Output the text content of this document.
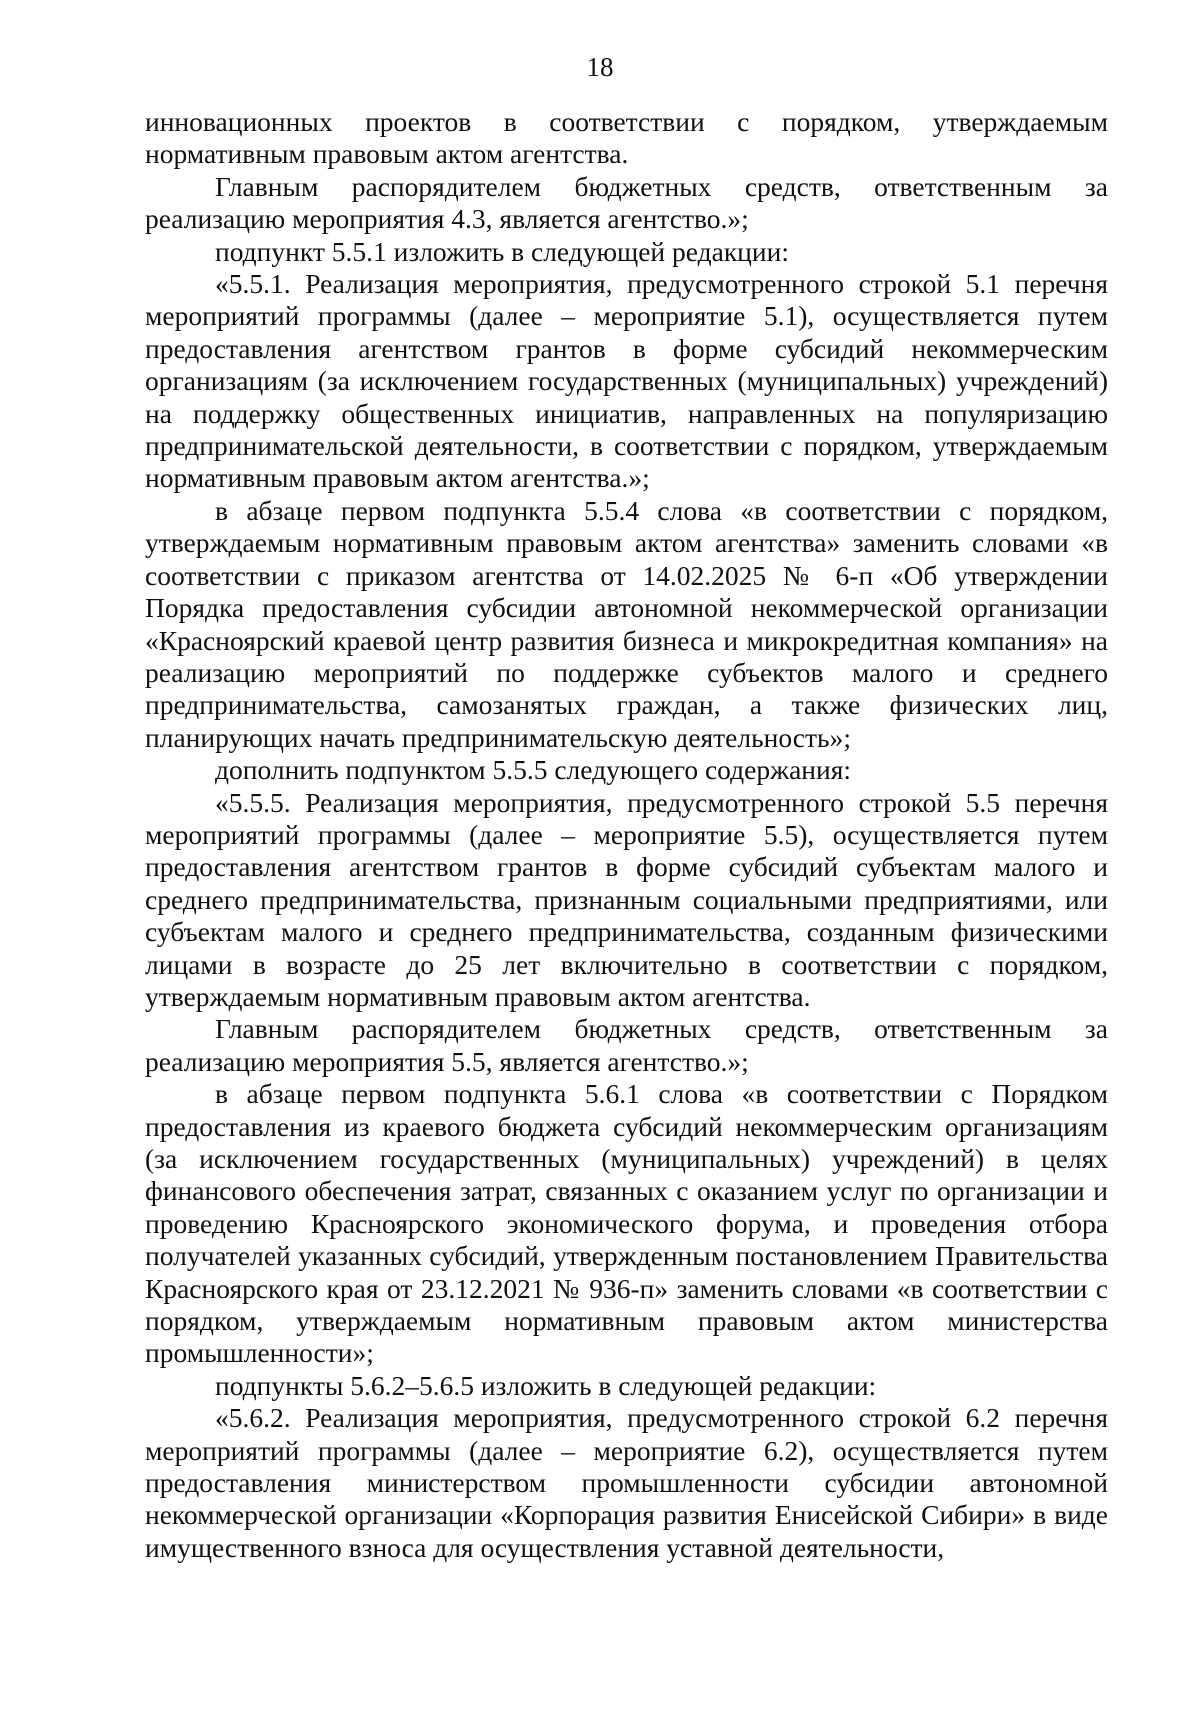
18

инновационных проектов в соответствии с порядком, утверждаемым нормативным правовым актом агентства.

Главным распорядителем бюджетных средств, ответственным за реализацию мероприятия 4.3, является агентство.»;

подпункт 5.5.1 изложить в следующей редакции:

«5.5.1. Реализация мероприятия, предусмотренного строкой 5.1 перечня мероприятий программы (далее – мероприятие 5.1), осуществляется путем предоставления агентством грантов в форме субсидий некоммерческим организациям (за исключением государственных (муниципальных) учреждений) на поддержку общественных инициатив, направленных на популяризацию предпринимательской деятельности, в соответствии с порядком, утверждаемым нормативным правовым актом агентства.»;

в абзаце первом подпункта 5.5.4 слова «в соответствии с порядком, утверждаемым нормативным правовым актом агентства» заменить словами «в соответствии с приказом агентства от 14.02.2025 № 6-п «Об утверждении Порядка предоставления субсидии автономной некоммерческой организации «Красноярский краевой центр развития бизнеса и микрокредитная компания» на реализацию мероприятий по поддержке субъектов малого и среднего предпринимательства, самозанятых граждан, а также физических лиц, планирующих начать предпринимательскую деятельность»;

дополнить подпунктом 5.5.5 следующего содержания:

«5.5.5. Реализация мероприятия, предусмотренного строкой 5.5 перечня мероприятий программы (далее – мероприятие 5.5), осуществляется путем предоставления агентством грантов в форме субсидий субъектам малого и среднего предпринимательства, признанным социальными предприятиями, или субъектам малого и среднего предпринимательства, созданным физическими лицами в возрасте до 25 лет включительно в соответствии с порядком, утверждаемым нормативным правовым актом агентства.

Главным распорядителем бюджетных средств, ответственным за реализацию мероприятия 5.5, является агентство.»;

в абзаце первом подпункта 5.6.1 слова «в соответствии с Порядком предоставления из краевого бюджета субсидий некоммерческим организациям (за исключением государственных (муниципальных) учреждений) в целях финансового обеспечения затрат, связанных с оказанием услуг по организации и проведению Красноярского экономического форума, и проведения отбора получателей указанных субсидий, утвержденным постановлением Правительства Красноярского края от 23.12.2021 № 936-п» заменить словами «в соответствии с порядком, утверждаемым нормативным правовым актом министерства промышленности»;

подпункты 5.6.2–5.6.5 изложить в следующей редакции:

«5.6.2. Реализация мероприятия, предусмотренного строкой 6.2 перечня мероприятий программы (далее – мероприятие 6.2), осуществляется путем предоставления министерством промышленности субсидии автономной некоммерческой организации «Корпорация развития Енисейской Сибири» в виде имущественного взноса для осуществления уставной деятельности,
